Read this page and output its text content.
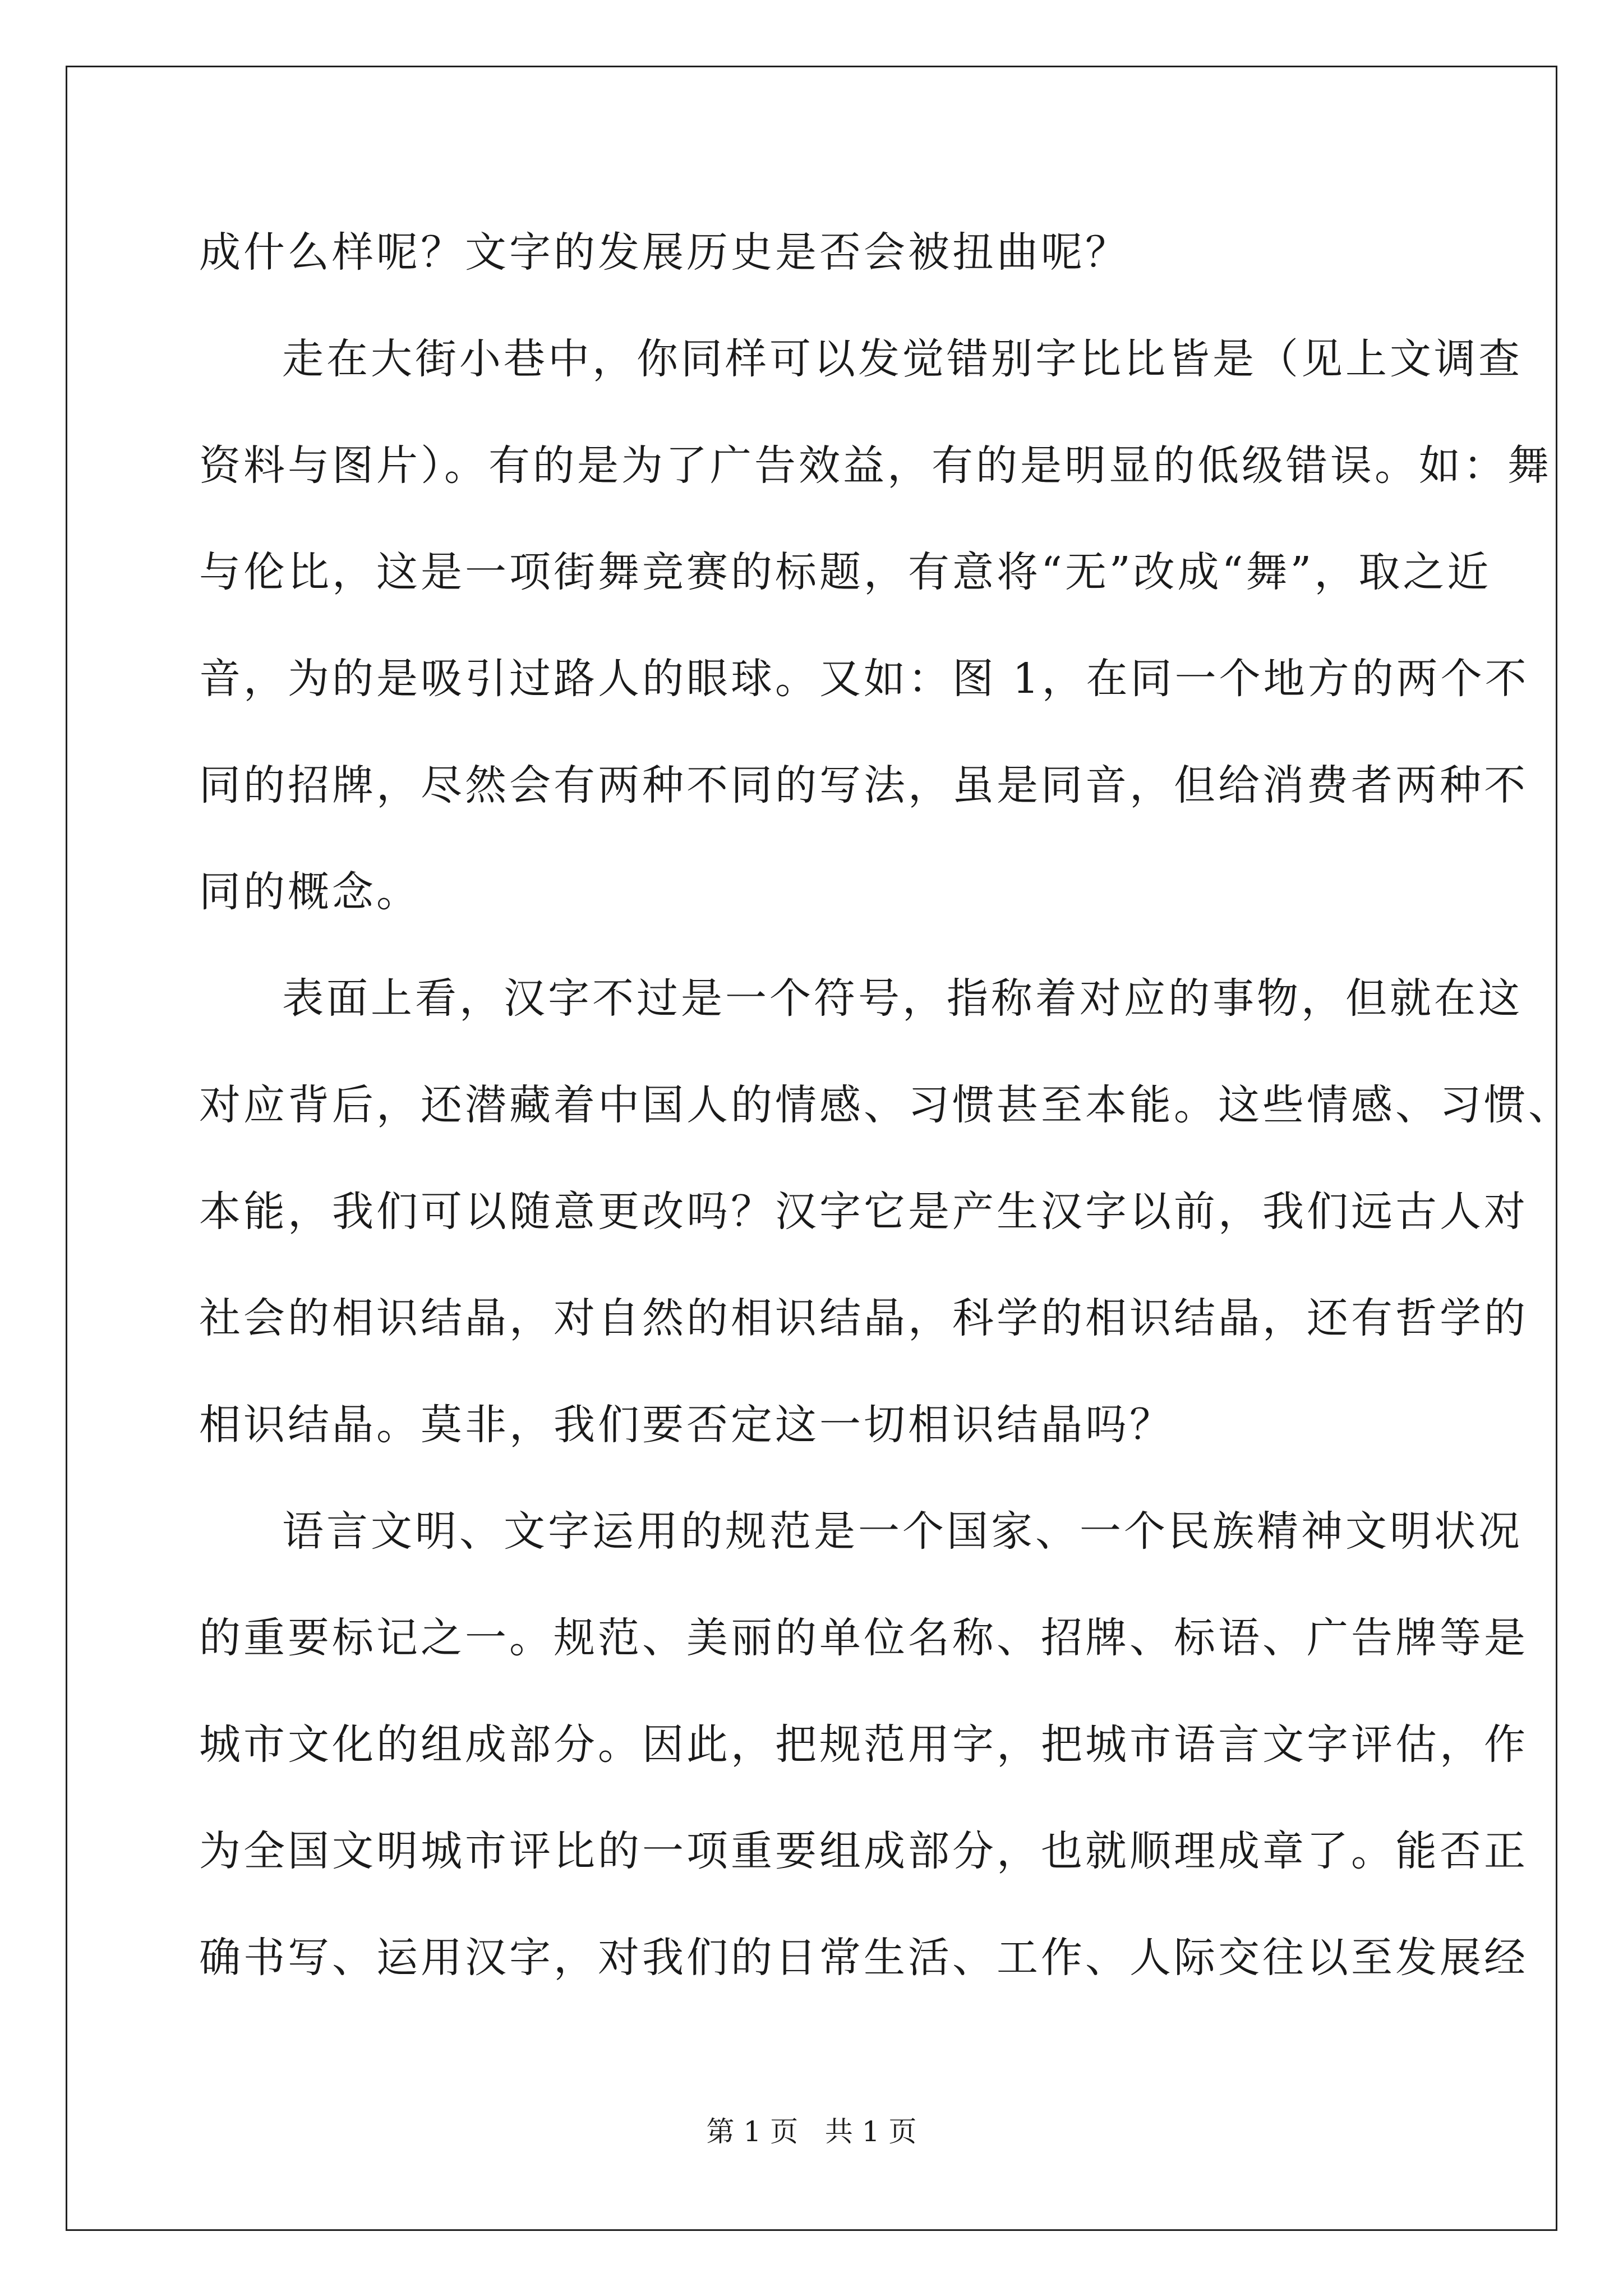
成什么样呢？文字的发展历史是否会被扭曲呢？
走在大街小巷中，你同样可以发觉错别字比比皆是（见上文调查
资料与图片）。有的是为了广告效益，有的是明显的低级错误。如：舞
与伦比，这是一项街舞竞赛的标题，有意将“无”改成“舞”，取之近
音，为的是吸引过路人的眼球。又如：图 1，在同一个地方的两个不
同的招牌，尽然会有两种不同的写法，虽是同音，但给消费者两种不
同的概念。
表面上看，汉字不过是一个符号，指称着对应的事物，但就在这
对应背后，还潜藏着中国人的情感、习惯甚至本能。这些情感、习惯、
本能，我们可以随意更改吗？汉字它是产生汉字以前，我们远古人对
社会的相识结晶，对自然的相识结晶，科学的相识结晶，还有哲学的
相识结晶。莫非，我们要否定这一切相识结晶吗？
语言文明、文字运用的规范是一个国家、一个民族精神文明状况
的重要标记之一。规范、美丽的单位名称、招牌、标语、广告牌等是
城市文化的组成部分。因此，把规范用字，把城市语言文字评估，作
为全国文明城市评比的一项重要组成部分，也就顺理成章了。能否正
确书写、运用汉字，对我们的日常生活、工作、人际交往以至发展经
第 1 页   共 1 页
